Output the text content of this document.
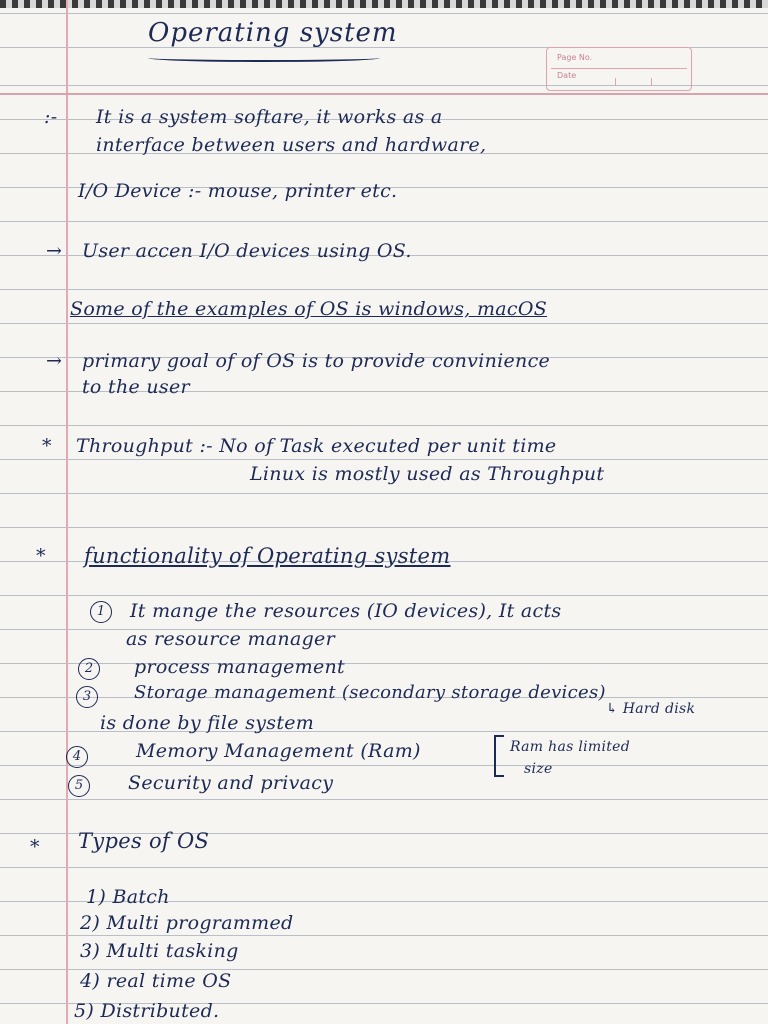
Page No.
Date
Operating system
:- It is a system softare, it works as a
interface between users and hardware,
I/O Device :- mouse, printer etc.
→ User accen I/O devices using OS.
Some of the examples of OS is windows, macOS
→ primary goal of of OS is to provide convinience
to the user
* Throughput :- No of Task executed per unit time
Linux is mostly used as Throughput
* functionality of Operating system
1	It mange the resources (IO devices), It acts
as resource manager
2	process management
3	Storage management (secondary storage devices)
↳ Hard disk
is done by file system
4	Memory Management (Ram)	Ram has limited
size
5	Security and privacy
* Types of OS
1) Batch
2) Multi programmed
3) Multi tasking
4) real time OS
5) Distributed.
